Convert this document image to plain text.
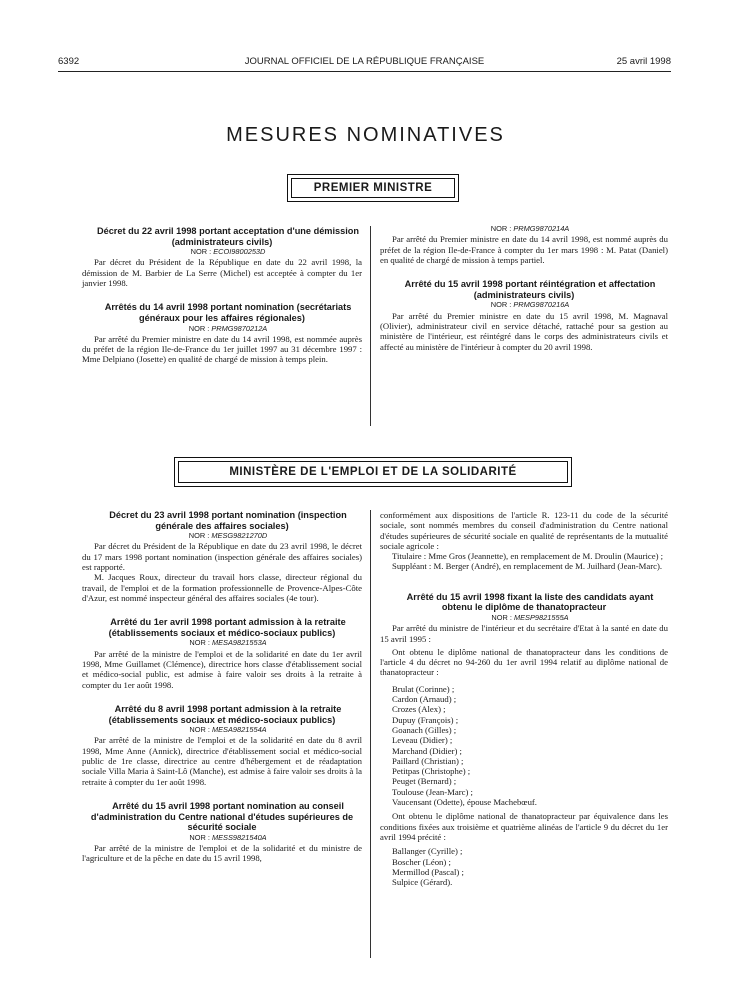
6392	JOURNAL OFFICIEL DE LA RÉPUBLIQUE FRANÇAISE	25 avril 1998
MESURES NOMINATIVES
PREMIER MINISTRE

Décret du 22 avril 1998 portant acceptation d'une démission (administrateurs civils)

NOR : ECOI9800253D

Par décret du Président de la République en date du 22 avril 1998, la démission de M. Barbier de La Serre (Michel) est acceptée à compter du 1er janvier 1998.

Arrêtés du 14 avril 1998 portant nomination (secrétariats généraux pour les affaires régionales)

NOR : PRMG9870212A

Par arrêté du Premier ministre en date du 14 avril 1998, est nommée auprès du préfet de la région Ile-de-France du 1er juillet 1997 au 31 décembre 1997 : Mme Delpiano (Josette) en qualité de chargé de mission à temps plein.

NOR : PRMG9870214A

Par arrêté du Premier ministre en date du 14 avril 1998, est nommé auprès du préfet de la région Ile-de-France à compter du 1er mars 1998 : M. Patat (Daniel) en qualité de chargé de mission à temps partiel.

Arrêté du 15 avril 1998 portant réintégration et affectation (administrateurs civils)

NOR : PRMG9870216A

Par arrêté du Premier ministre en date du 15 avril 1998, M. Magnaval (Olivier), administrateur civil en service détaché, rattaché pour sa gestion au ministère de l'intérieur, est réintégré dans le corps des administrateurs civils et affecté au ministère de l'intérieur à compter du 20 avril 1998.

MINISTÈRE DE L'EMPLOI ET DE LA SOLIDARITÉ

Décret du 23 avril 1998 portant nomination (inspection générale des affaires sociales)

NOR : MESG9821270D

Par décret du Président de la République en date du 23 avril 1998, le décret du 17 mars 1998 portant nomination (inspection générale des affaires sociales) est rapporté.

M. Jacques Roux, directeur du travail hors classe, directeur régional du travail, de l'emploi et de la formation professionnelle de Provence-Alpes-Côte d'Azur, est nommé inspecteur général des affaires sociales (4e tour).

Arrêté du 1er avril 1998 portant admission à la retraite (établissements sociaux et médico-sociaux publics)

NOR : MESA9821553A

Par arrêté de la ministre de l'emploi et de la solidarité en date du 1er avril 1998, Mme Guillamet (Clémence), directrice hors classe d'établissement social et médico-social public, est admise à faire valoir ses droits à la retraite à compter du 1er août 1998.

Arrêté du 8 avril 1998 portant admission à la retraite (établissements sociaux et médico-sociaux publics)

NOR : MESA9821554A

Par arrêté de la ministre de l'emploi et de la solidarité en date du 8 avril 1998, Mme Anne (Annick), directrice d'établissement social et médico-social public de 1re classe, directrice au centre d'hébergement et de réadaptation sociale Villa Maria à Saint-Lô (Manche), est admise à faire valoir ses droits à la retraite à compter du 1er août 1998.

Arrêté du 15 avril 1998 portant nomination au conseil d'administration du Centre national d'études supérieures de sécurité sociale

NOR : MESS9821540A

Par arrêté de la ministre de l'emploi et de la solidarité et du ministre de l'agriculture et de la pêche en date du 15 avril 1998,

conformément aux dispositions de l'article R. 123-11 du code de la sécurité sociale, sont nommés membres du conseil d'administration du Centre national d'études supérieures de sécurité sociale en qualité de représentants de la mutualité sociale agricole :

Titulaire : Mme Gros (Jeannette), en remplacement de M. Droulin (Maurice) ;

Suppléant : M. Berger (André), en remplacement de M. Juilhard (Jean-Marc).

Arrêté du 15 avril 1998 fixant la liste des candidats ayant obtenu le diplôme de thanatopracteur

NOR : MESP9821555A

Par arrêté du ministre de l'intérieur et du secrétaire d'Etat à la santé en date du 15 avril 1995 :

Ont obtenu le diplôme national de thanatopracteur dans les conditions de l'article 4 du décret no 94-260 du 1er avril 1994 relatif au diplôme national de thanatopracteur :

Brulat (Corinne) ;

Cardon (Arnaud) ;

Crozes (Alex) ;

Dupuy (François) ;

Goanach (Gilles) ;

Leveau (Didier) ;

Marchand (Didier) ;

Paillard (Christian) ;

Petitpas (Christophe) ;

Peuget (Bernard) ;

Toulouse (Jean-Marc) ;

Vaucensant (Odette), épouse Machebœuf.

Ont obtenu le diplôme national de thanatopracteur par équivalence dans les conditions fixées aux troisième et quatrième alinéas de l'article 9 du décret du 1er avril 1994 précité :

Ballanger (Cyrille) ;

Boscher (Léon) ;

Mermillod (Pascal) ;

Sulpice (Gérard).
